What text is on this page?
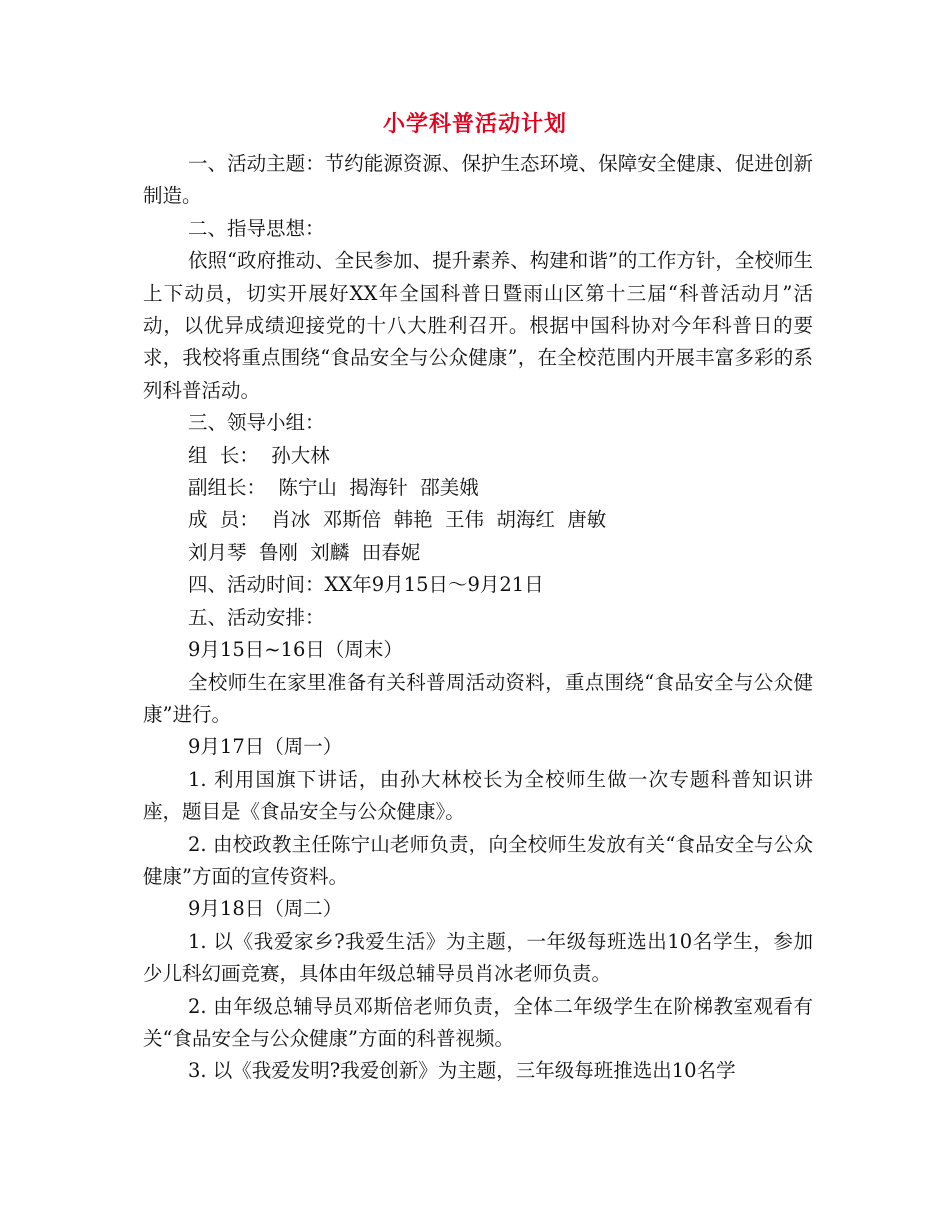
小学科普活动计划

一、活动主题：节约能源资源、保护生态环境、保障安全健康、促进创新制造。

二、指导思想：

依照“政府推动、全民参加、提升素养、构建和谐”的工作方针，全校师生上下动员，切实开展好XX年全国科普日暨雨山区第十三届“科普活动月”活动，以优异成绩迎接党的十八大胜利召开。根据中国科协对今年科普日的要求，我校将重点围绕“食品安全与公众健康”，在全校范围内开展丰富多彩的系列科普活动。

三、领导小组：

组  长：  孙大林

副组长：  陈宁山  揭海针  邵美娥

成  员：  肖冰  邓斯倍  韩艳  王伟  胡海红  唐敏

刘月琴  鲁刚  刘麟  田春妮

四、活动时间：XX年9月15日～9月21日

五、活动安排：

9月15日~16日（周末）

全校师生在家里准备有关科普周活动资料，重点围绕“食品安全与公众健康”进行。

9月17日（周一）

1. 利用国旗下讲话，由孙大林校长为全校师生做一次专题科普知识讲座，题目是《食品安全与公众健康》。

2. 由校政教主任陈宁山老师负责，向全校师生发放有关“食品安全与公众健康”方面的宣传资料。

9月18日（周二）

1. 以《我爱家乡?我爱生活》为主题，一年级每班选出10名学生，参加少儿科幻画竞赛，具体由年级总辅导员肖冰老师负责。

2. 由年级总辅导员邓斯倍老师负责，全体二年级学生在阶梯教室观看有关“食品安全与公众健康”方面的科普视频。

3. 以《我爱发明?我爱创新》为主题，三年级每班推选出10名学
